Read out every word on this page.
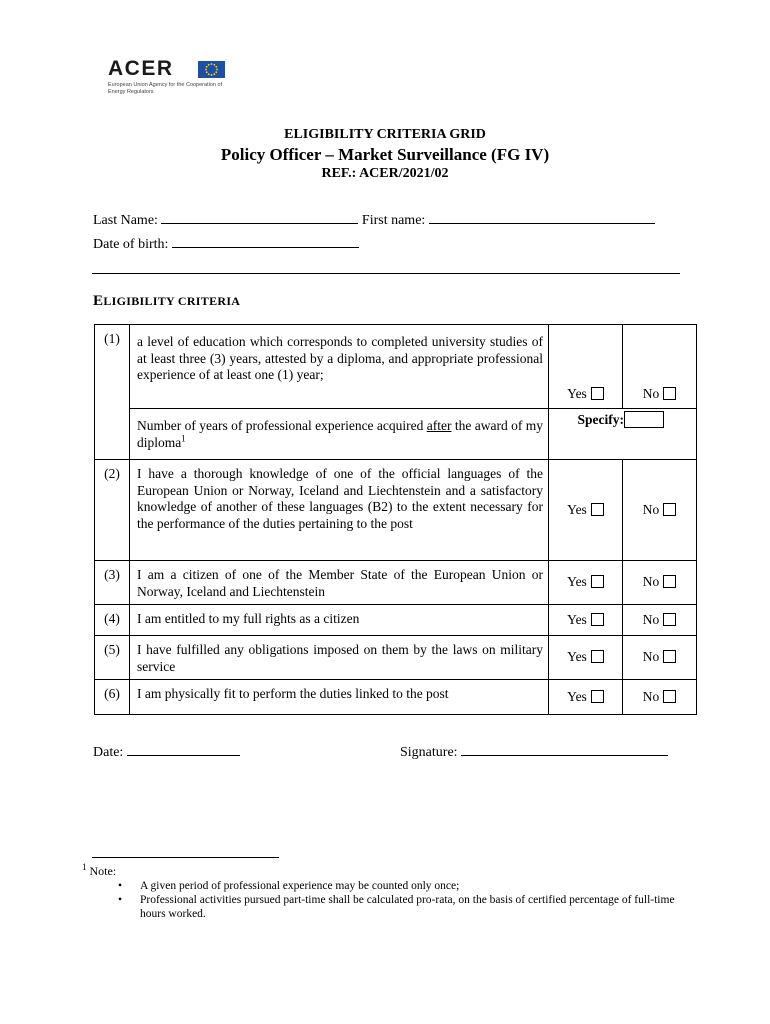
ACER
European Union Agency for the Cooperation of Energy Regulators
ELIGIBILITY CRITERIA GRID
Policy Officer – Market Surveillance (FG IV)
REF.: ACER/2021/02
Last Name:	First name:
Date of birth:
ELIGIBILITY CRITERIA
(1)	a level of education which corresponds to completed university studies of at least three (3) years, attested by a diploma, and appropriate professional experience of at least one (1) year;	Yes	No
	Number of years of professional experience acquired after the award of my diploma$^1$	Specify:	

(2)	I have a thorough knowledge of one of the official languages of the European Union or Norway, Iceland and Liechtenstein and a satisfactory knowledge of another of these languages (B2) to the extent necessary for the performance of the duties pertaining to the post	Yes	No
(3)	I am a citizen of one of the Member State of the European Union or Norway, Iceland and Liechtenstein	Yes	No
(4)	I am entitled to my full rights as a citizen	Yes	No
(5)	I have fulfilled any obligations imposed on them by the laws on military service	Yes	No
(6)	I am physically fit to perform the duties linked to the post	Yes	No
Date:	Signature:
$^1$ Note:
• A given period of professional experience may be counted only once;
• Professional activities pursued part-time shall be calculated pro-rata, on the basis of certified percentage of full-time hours worked.
